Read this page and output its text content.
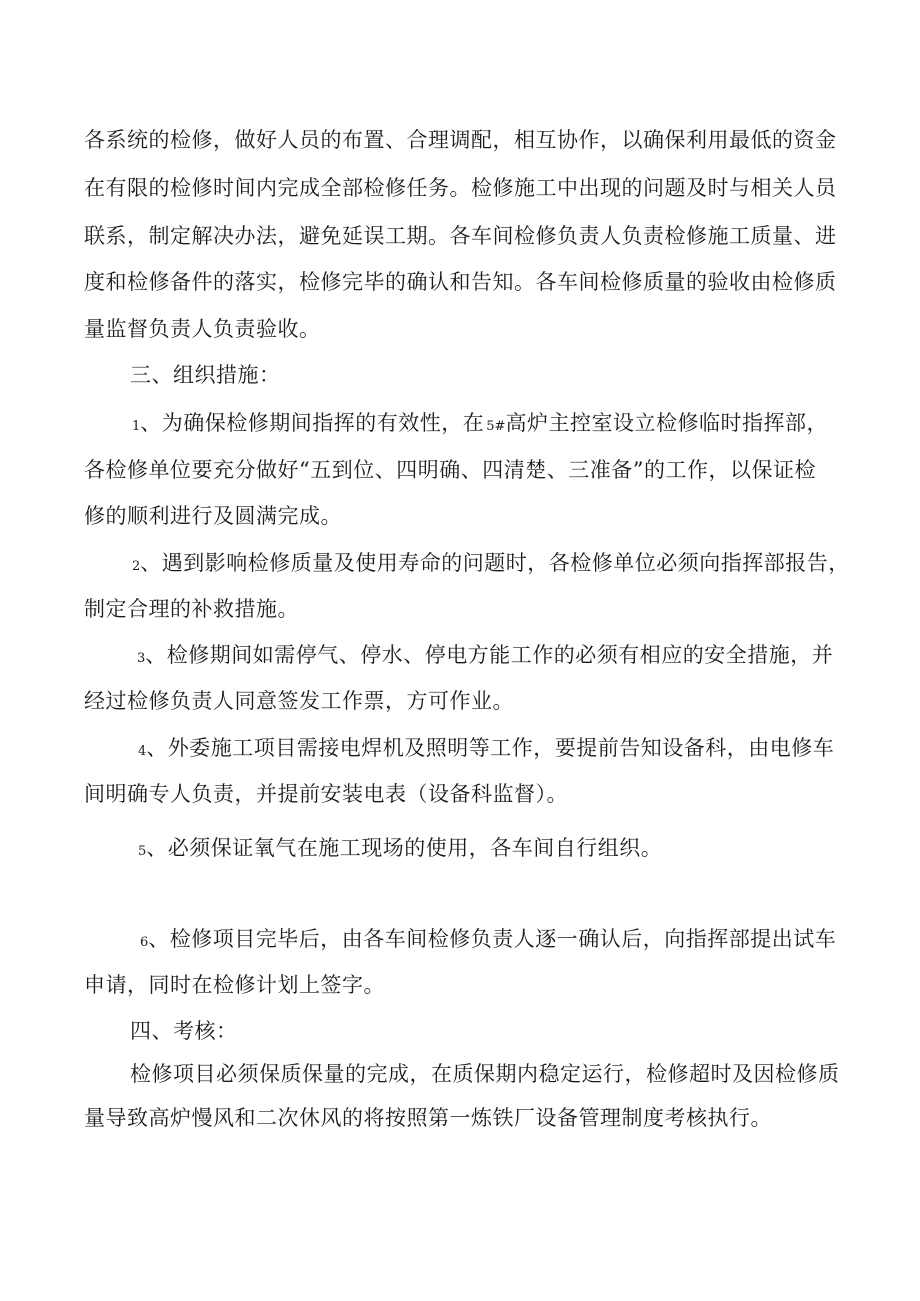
各系统的检修，做好人员的布置、合理调配，相互协作，以确保利用最低的资金
在有限的检修时间内完成全部检修任务。检修施工中出现的问题及时与相关人员
联系，制定解决办法，避免延误工期。各车间检修负责人负责检修施工质量、进
度和检修备件的落实，检修完毕的确认和告知。各车间检修质量的验收由检修质
量监督负责人负责验收。
三、组织措施：
1、为确保检修期间指挥的有效性，在 5#高炉主控室设立检修临时指挥部，
各检修单位要充分做好“五到位、四明确、四清楚、三准备”的工作，以保证检
修的顺利进行及圆满完成。
2、遇到影响检修质量及使用寿命的问题时，各检修单位必须向指挥部报告，
制定合理的补救措施。
3、检修期间如需停气、停水、停电方能工作的必须有相应的安全措施，并
经过检修负责人同意签发工作票，方可作业。
4、外委施工项目需接电焊机及照明等工作，要提前告知设备科，由电修车
间明确专人负责，并提前安装电表（设备科监督）。
5、必须保证氧气在施工现场的使用，各车间自行组织。
6、检修项目完毕后，由各车间检修负责人逐一确认后，向指挥部提出试车
申请，同时在检修计划上签字。
四、考核：
检修项目必须保质保量的完成，在质保期内稳定运行，检修超时及因检修质
量导致高炉慢风和二次休风的将按照第一炼铁厂设备管理制度考核执行。
